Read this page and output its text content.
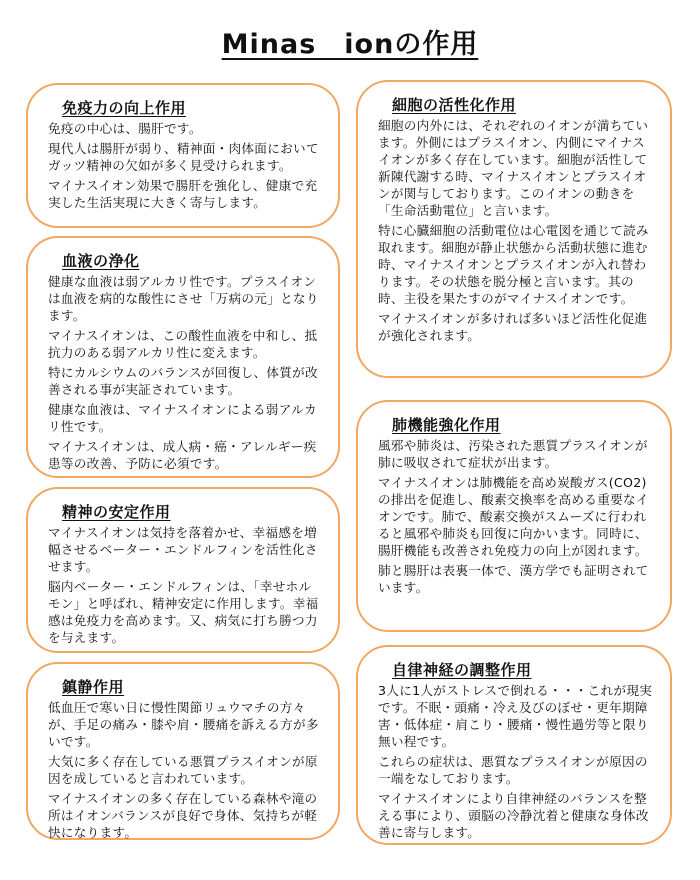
Minas　ionの作用
免疫力の向上作用

免疫の中心は、腸肝です。

現代人は腸肝が弱り、精神面・肉体面において ガッツ精神の欠如が多く見受けられます。

マイナスイオン効果で腸肝を強化し、健康で充実した生活実現に大きく寄与します。

血液の浄化

健康な血液は弱アルカリ性です。プラスイオンは血液を病的な酸性にさせ「万病の元」となります。

マイナスイオンは、この酸性血液を中和し、抵抗力のある弱アルカリ性に変えます。

特にカルシウムのバランスが回復し、体質が改善される事が実証されています。

健康な血液は、マイナスイオンによる弱アルカリ性です。

マイナスイオンは、成人病・癌・アレルギー疾患等の改善、予防に必須です。

精神の安定作用

マイナスイオンは気持を落着かせ、幸福感を増幅させるベーター・エンドルフィンを活性化させます。

脳内ベーター・エンドルフィンは、「幸せホルモン」と呼ばれ、精神安定に作用します。幸福感は免疫力を高めます。又、病気に打ち勝つ力を与えます。

鎮静作用

低血圧で寒い日に慢性関節リュウマチの方々が、手足の痛み・膝や肩・腰痛を訴える方が多いです。

大気に多く存在している悪質プラスイオンが原因を成していると言われています。

マイナスイオンの多く存在している森林や滝の所はイオンバランスが良好で身体、気持ちが軽快になります。

細胞の活性化作用

細胞の内外には、それぞれのイオンが満ちています。外側にはプラスイオン、内側にマイナスイオンが多く存在しています。細胞が活性して新陳代謝する時、マイナスイオンとプラスイオンが関与しております。このイオンの動きを「生命活動電位」と言います。

特に心臓細胞の活動電位は心電図を通じて読み取れます。細胞が静止状態から活動状態に進む時、マイナスイオンとプラスイオンが入れ替わります。その状態を脱分極と言います。其の時、主役を果たすのがマイナスイオンです。

マイナスイオンが多ければ多いほど活性化促進が強化されます。

肺機能強化作用

風邪や肺炎は、汚染された悪質プラスイオンが肺に吸収されて症状が出ます。

マイナスイオンは肺機能を高め炭酸ガス(CO2)の排出を促進し、酸素交換率を高める重要なイオンです。肺で、酸素交換がスムーズに行われると風邪や肺炎も回復に向かいます。同時に、腸肝機能も改善され免疫力の向上が図れます。

肺と腸肝は表裏一体で、漢方学でも証明されています。

自律神経の調整作用

3人に1人がストレスで倒れる・・・これが現実です。不眠・頭痛・冷え及びのぼせ・更年期障害・低体症・肩こり・腰痛・慢性過労等と限り無い程です。

これらの症状は、悪質なプラスイオンが原因の一端をなしております。

マイナスイオンにより自律神経のバランスを整える事により、頭脳の冷静沈着と健康な身体改善に寄与します。
